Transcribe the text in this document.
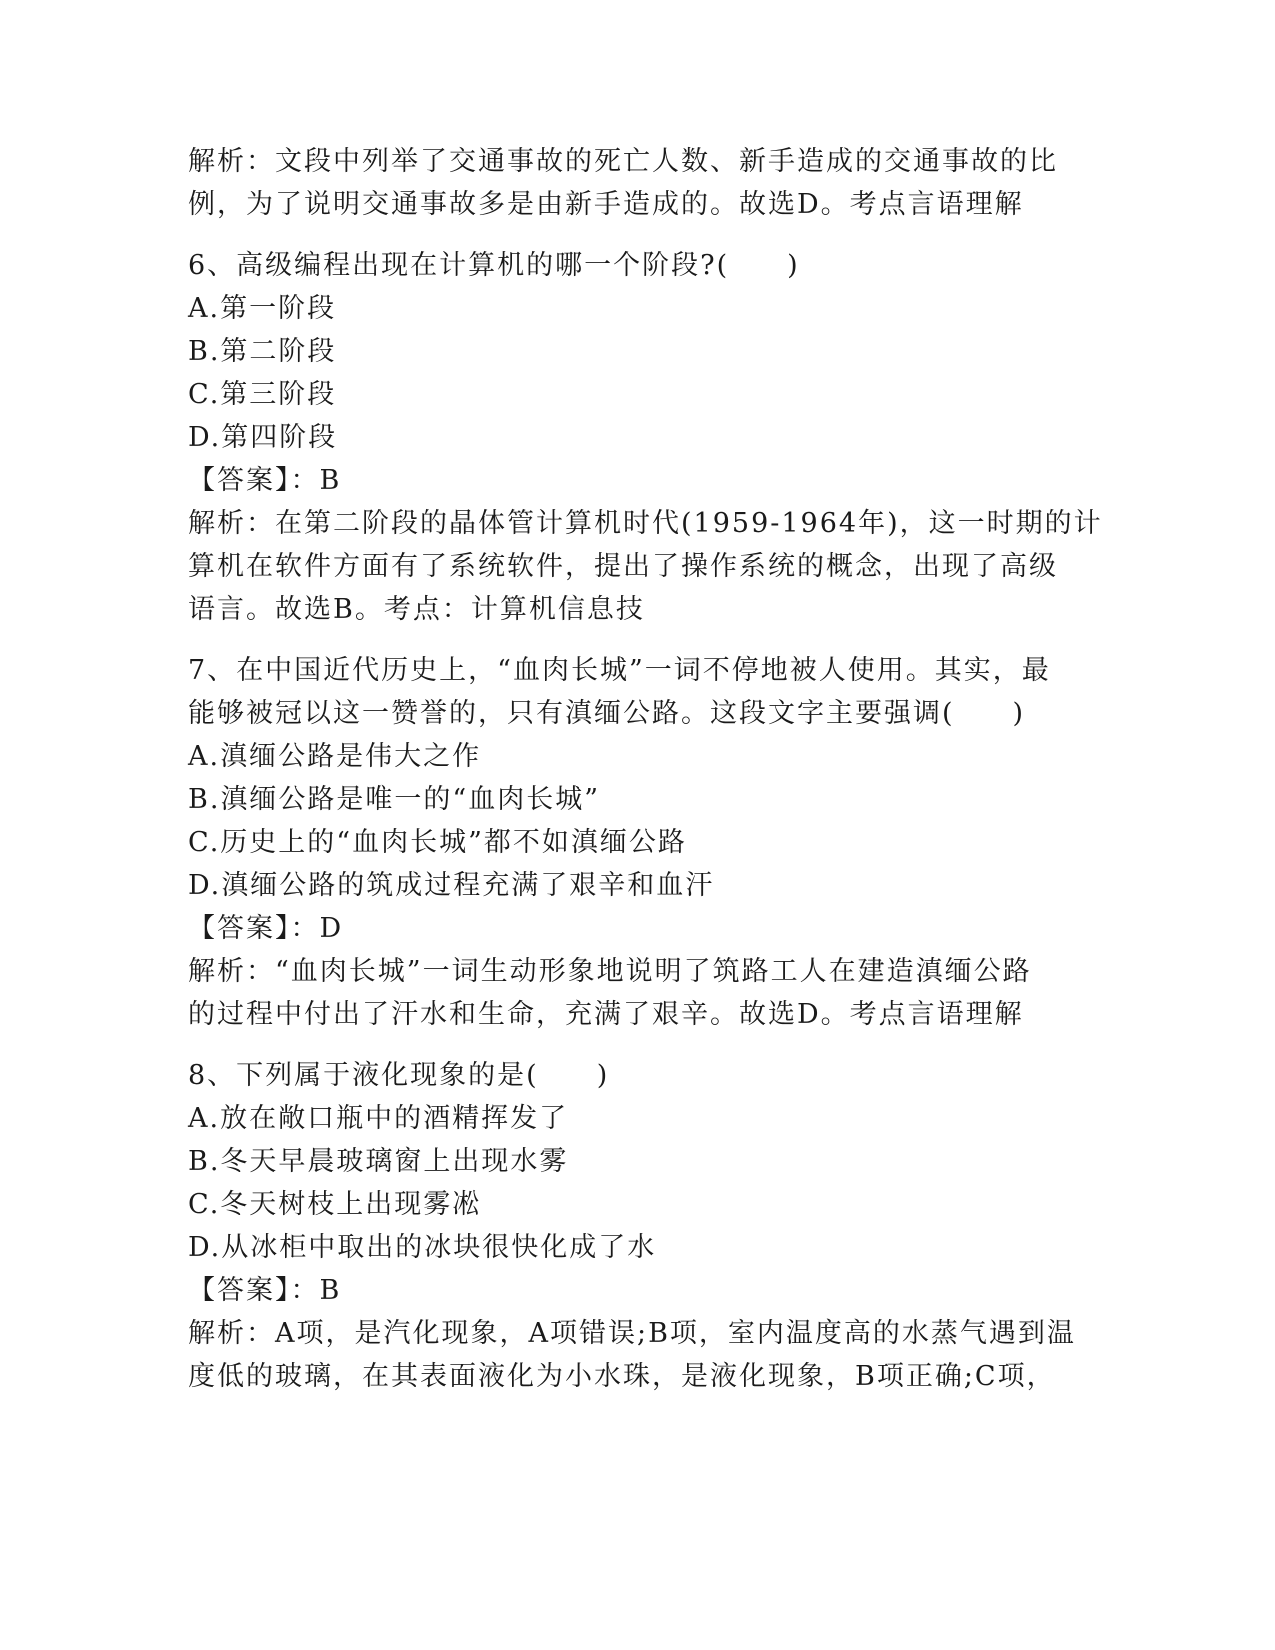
解析：文段中列举了交通事故的死亡人数、新手造成的交通事故的比
例，为了说明交通事故多是由新手造成的。故选D。考点言语理解
6、高级编程出现在计算机的哪一个阶段?(　　)
A.第一阶段
B.第二阶段
C.第三阶段
D.第四阶段
【答案】：B
解析：在第二阶段的晶体管计算机时代(1959-1964年)，这一时期的计
算机在软件方面有了系统软件，提出了操作系统的概念，出现了高级
语言。故选B。考点：计算机信息技
7、在中国近代历史上，“血肉长城”一词不停地被人使用。其实，最
能够被冠以这一赞誉的，只有滇缅公路。这段文字主要强调(　　)
A.滇缅公路是伟大之作
B.滇缅公路是唯一的“血肉长城”
C.历史上的“血肉长城”都不如滇缅公路
D.滇缅公路的筑成过程充满了艰辛和血汗
【答案】：D
解析：“血肉长城”一词生动形象地说明了筑路工人在建造滇缅公路
的过程中付出了汗水和生命，充满了艰辛。故选D。考点言语理解
8、下列属于液化现象的是(　　)
A.放在敞口瓶中的酒精挥发了
B.冬天早晨玻璃窗上出现水雾
C.冬天树枝上出现雾凇
D.从冰柜中取出的冰块很快化成了水
【答案】：B
解析：A项，是汽化现象，A项错误;B项，室内温度高的水蒸气遇到温
度低的玻璃，在其表面液化为小水珠，是液化现象，B项正确;C项，
